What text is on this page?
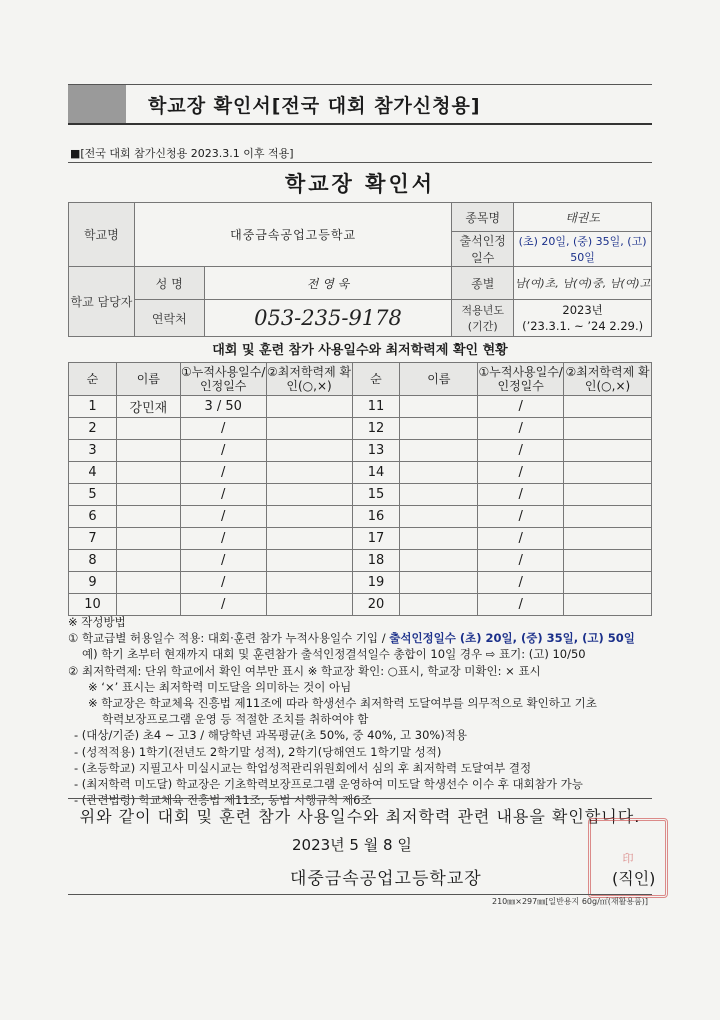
학교장 확인서[전국 대회 참가신청용]
■[전국 대회 참가신청용 2023.3.1 이후 적용]
학교장 확인서
학교명	대중금속공업고등학교		종목명	태권도
			출석인정 일수	(초) 20일, (중) 35일, (고) 50일
학교 담당자	성 명	전 영 욱	종별	남(여)초, 남(여)중, 남(여)고
	연락처	053-235-9178	적용년도 (기간)	2023년
(’23.3.1. ~ ’24 2.29.)
대회 및 훈련 참가 사용일수와 최저학력제 확인 현황
순	이름	①누적사용일수/인정일수	②최저학력제 확인(○,×)	순	이름	①누적사용일수/인정일수	②최저학력제 확인(○,×)
1	강민재	3 / 50		11		/	
2		/		12		/	
3		/		13		/	
4		/		14		/	
5		/		15		/	
6		/		16		/	
7		/		17		/	
8		/		18		/	
9		/		19		/	
10		/		20		/	
※ 작성방법
① 학교급별 허용일수 적용: 대회·훈련 참가 누적사용일수 기입 / 출석인정일수 (초) 20일, (중) 35일, (고) 50일
예) 학기 초부터 현재까지 대회 및 훈련참가 출석인정결석일수 총합이 10일 경우 ⇨ 표기: (고) 10/50
② 최저학력제: 단위 학교에서 확인 여부만 표시 ※ 학교장 확인: ○표시, 학교장 미확인: × 표시
※ ‘×’ 표시는 최저학력 미도달을 의미하는 것이 아님
※ 학교장은 학교체육 진흥법 제11조에 따라 학생선수 최저학력 도달여부를 의무적으로 확인하고 기초
학력보장프로그램 운영 등 적절한 조치를 취하여야 함
- (대상/기준) 초4 ~ 고3 / 해당학년 과목평균(초 50%, 중 40%, 고 30%)적용
- (성적적용) 1학기(전년도 2학기말 성적), 2학기(당해연도 1학기말 성적)
- (초등학교) 지필고사 미실시교는 학업성적관리위원회에서 심의 후 최저학력 도달여부 결정
- (최저학력 미도달) 학교장은 기초학력보장프로그램 운영하여 미도달 학생선수 이수 후 대회참가 가능
- (관련법령) 학교체육 진흥법 제11조, 동법 시행규칙 제6조
위와 같이 대회 및 훈련 참가 사용일수와 최저학력 관련 내용을 확인합니다.
2023년 5 월 8 일
印
대중금속공업고등학교장	(직인)
210㎜×297㎜[일반용지 60g/㎡(재활용품)]
